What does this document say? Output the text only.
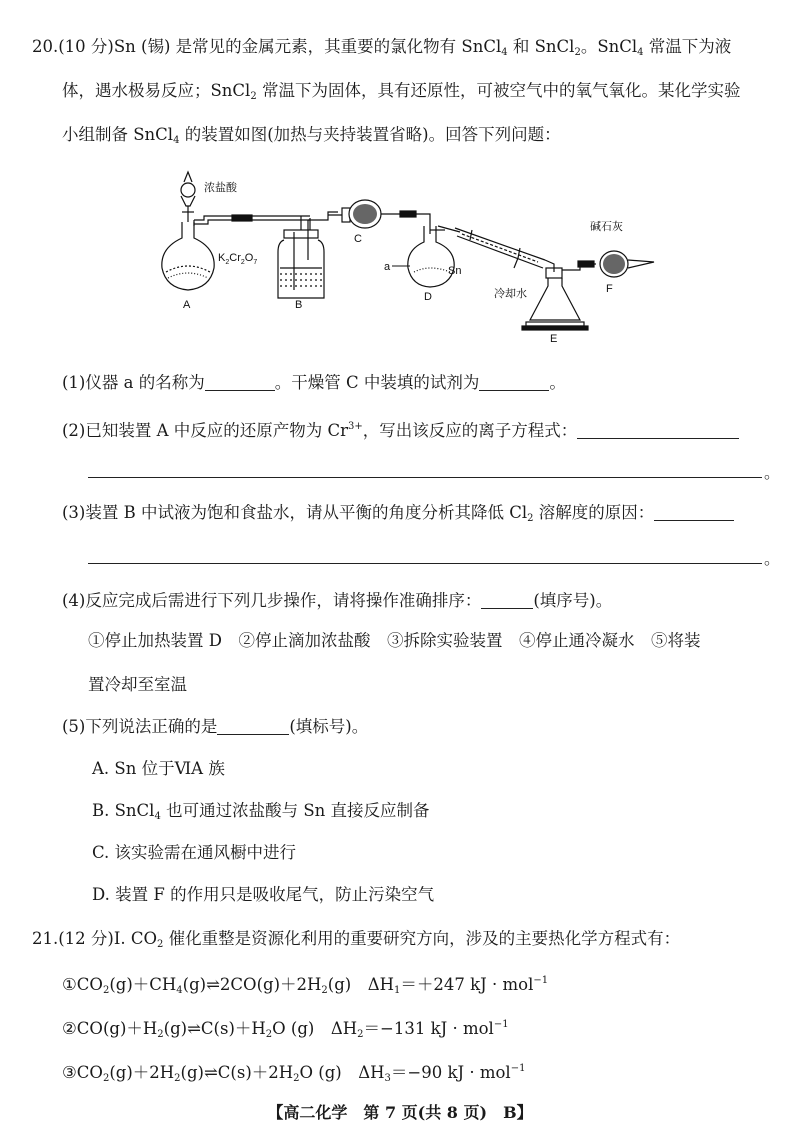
20.(10 分)Sn (锡) 是常见的金属元素，其重要的氯化物有 SnCl$_4$ 和 SnCl$_2$。SnCl$_4$ 常温下为液
体，遇水极易反应；SnCl$_2$ 常温下为固体，具有还原性，可被空气中的氧气氧化。某化学实验
小组制备 SnCl$_4$ 的装置如图(加热与夹持装置省略)。回答下列问题：
浓盐酸
$K_2Cr_2O_7$
A	B
C
a	Sn
D	冷却水
E
碱石灰
F
(1)仪器 a 的名称为	。干燥管 C 中装填的试剂为	。
(2)已知装置 A 中反应的还原产物为 $Cr^{3+}$，写出该反应的离子方程式：
。
(3)装置 B 中试液为饱和食盐水，请从平衡的角度分析其降低 $Cl_2$ 溶解度的原因：
。
(4)反应完成后需进行下列几步操作，请将操作准确排序：	(填序号)。
①停止加热装置 D　②停止滴加浓盐酸　③拆除实验装置　④停止通冷凝水　⑤将装
置冷却至室温
(5)下列说法正确的是	(填标号)。
A. Sn 位于ⅥA 族
B. SnCl$_4$ 也可通过浓盐酸与 Sn 直接反应制备
C. 该实验需在通风橱中进行
D. 装置 F 的作用只是吸收尾气，防止污染空气
21.(12 分)Ⅰ. $CO_2$ 催化重整是资源化利用的重要研究方向，涉及的主要热化学方程式有：
$①CO_2(g)+CH_4(g)\rightleftharpoons 2CO(g)+2H_2(g)$　$\Delta H_1=+247$ kJ · mol$^{-1}$
$②CO(g)+H_2(g)\rightleftharpoons C(s)+H_2O$ (g)　$\Delta H_2=-131$ kJ · mol$^{-1}$
$③CO_2(g)+2H_2(g)\rightleftharpoons C(s)+2H_2O$ (g)　$\Delta H_3=-90$ kJ · mol$^{-1}$
【高二化学　第 7 页(共 8 页)　B】
